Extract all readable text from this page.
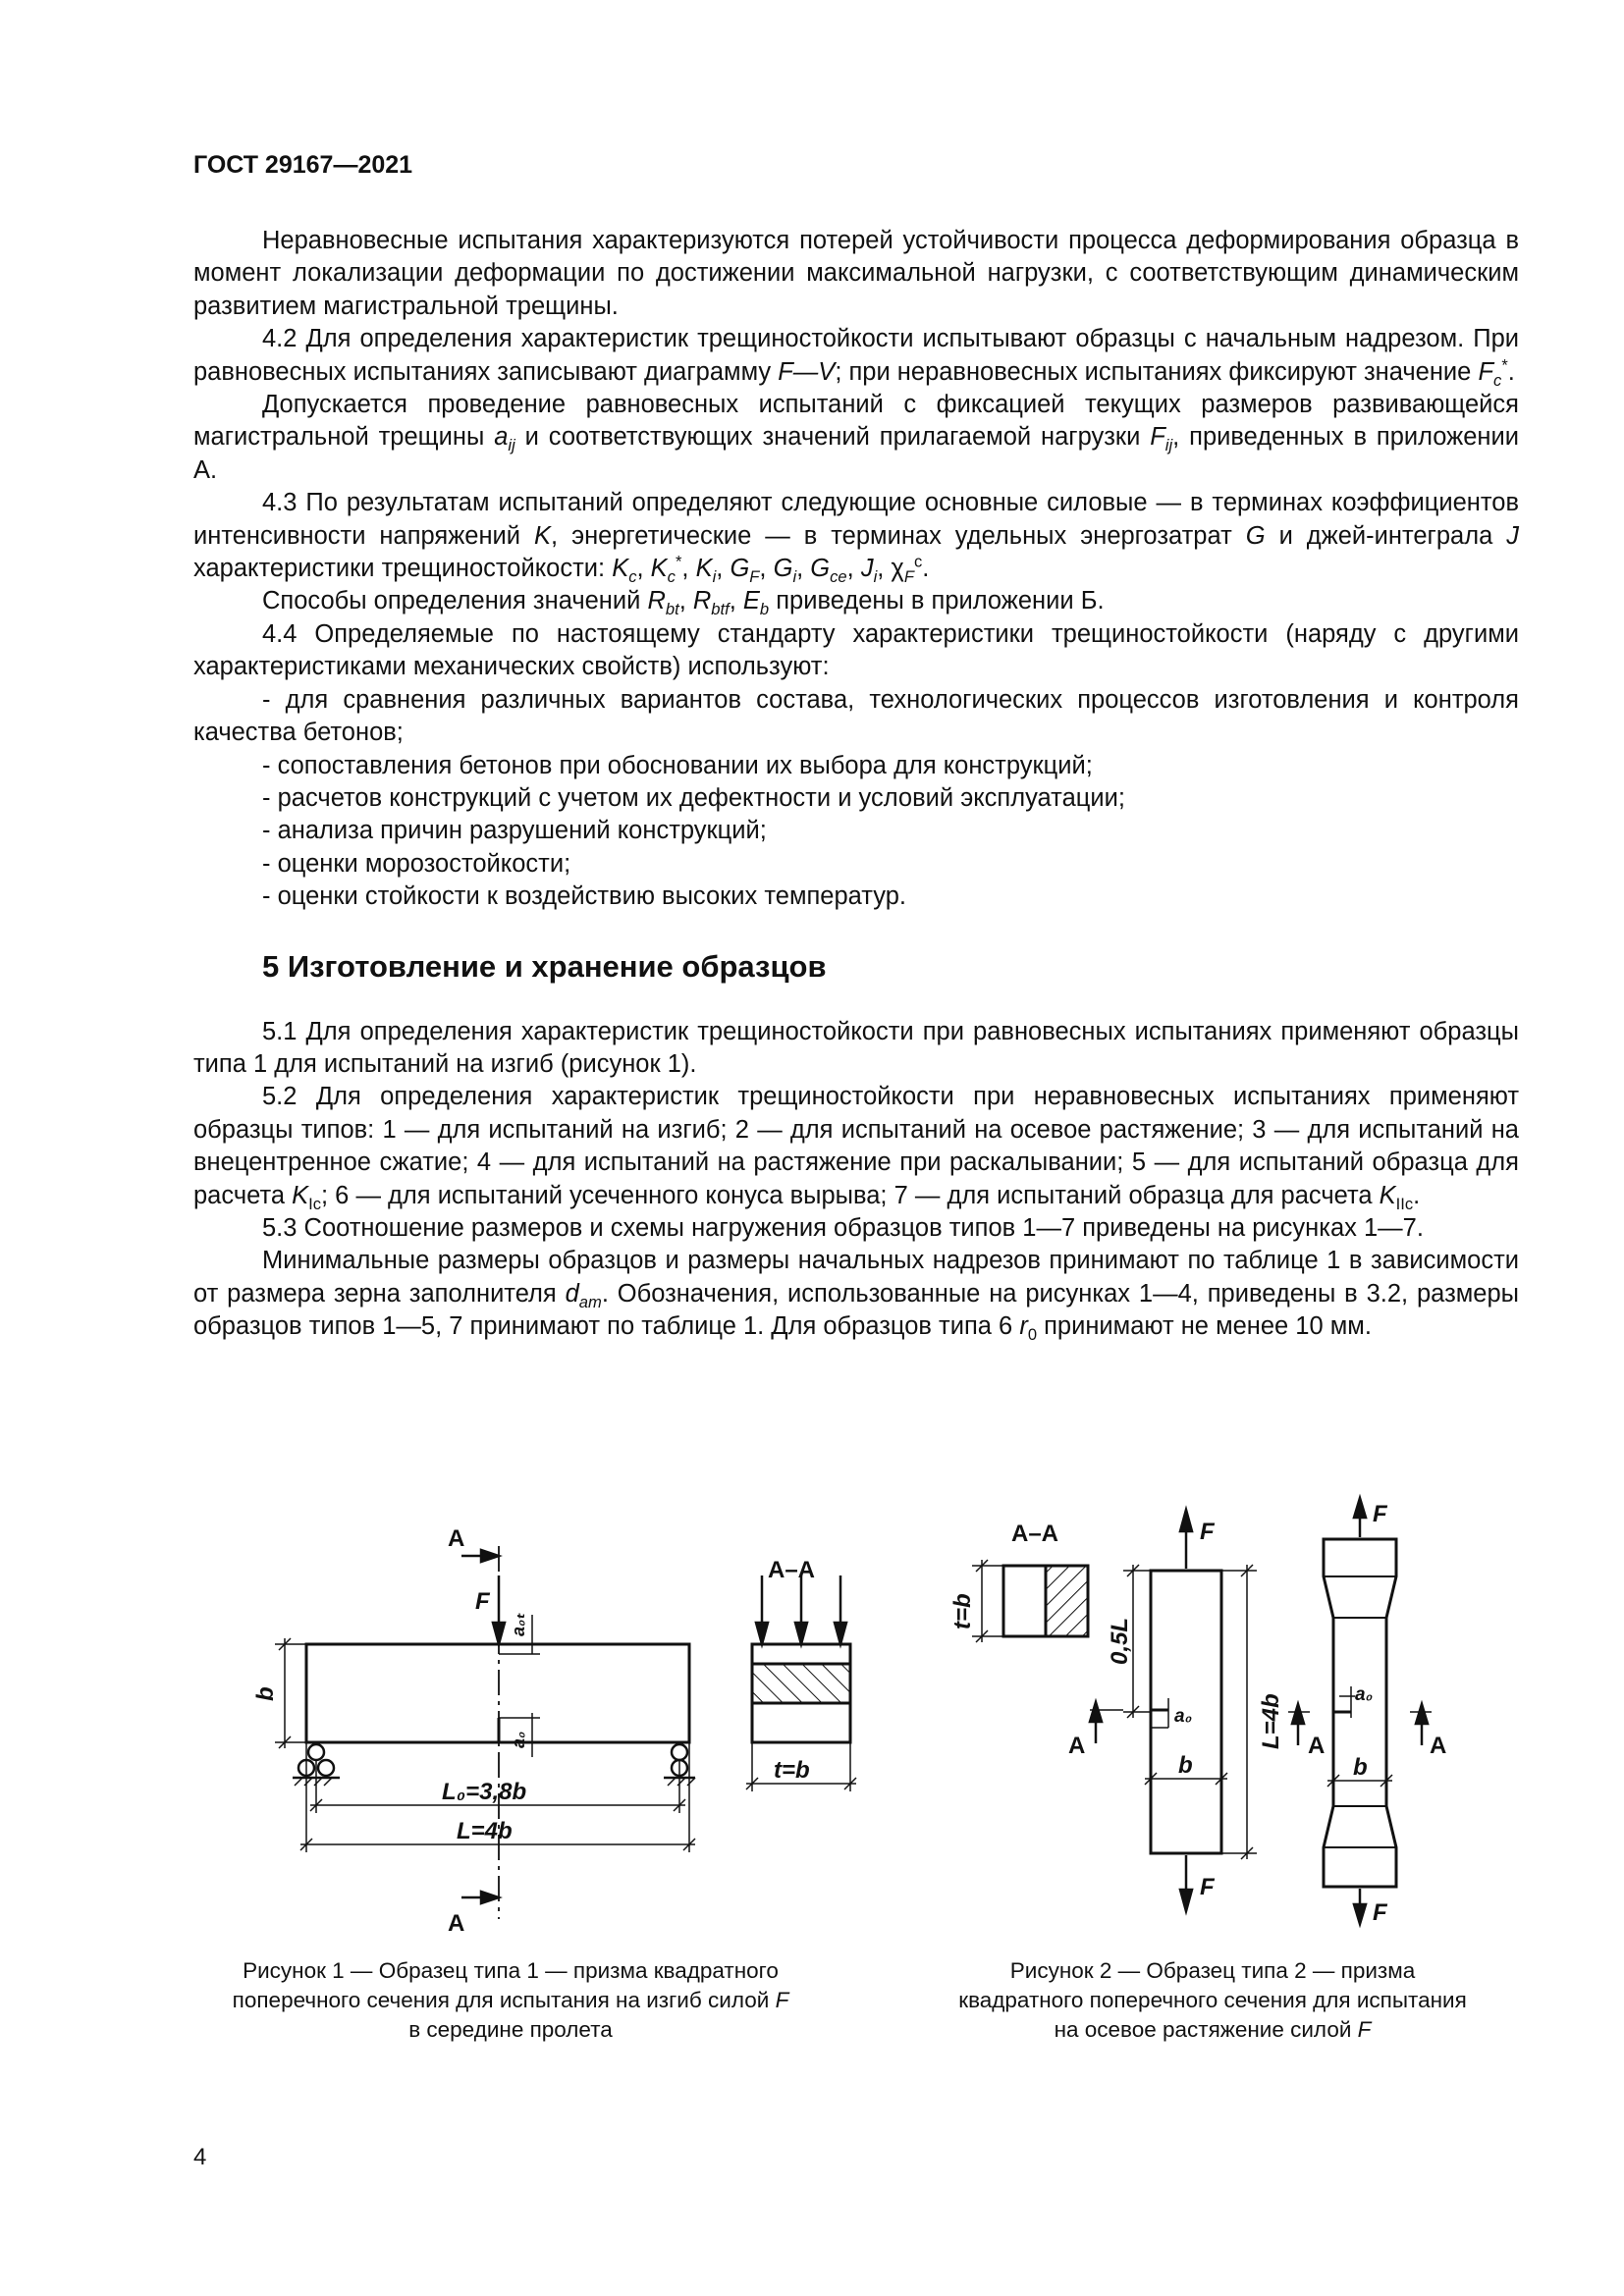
ГОСТ 29167—2021

Неравновесные испытания характеризуются потерей устойчивости процесса деформирования образца в момент локализации деформации по достижении максимальной нагрузки, с соответствующим динамическим развитием магистральной трещины.

4.2 Для определения характеристик трещиностойкости испытывают образцы с начальным надрезом. При равновесных испытаниях записывают диаграмму F—V; при неравновесных испытаниях фиксируют значение $F_c^*$.

Допускается проведение равновесных испытаний с фиксацией текущих размеров развивающейся магистральной трещины $a_{ij}$ и соответствующих значений прилагаемой нагрузки $F_{ij}$, приведенных в приложении А.

4.3 По результатам испытаний определяют следующие основные силовые — в терминах коэффициентов интенсивности напряжений K, энергетические — в терминах удельных энергозатрат G и джей-интеграла J характеристики трещиностойкости: $K_c$, $K_c^*$, $K_i$, $G_F$, $G_i$, $G_{ce}$, $J_i$, $\chi_F^c$.

Способы определения значений $R_{bt}$, $R_{btf}$, $E_b$ приведены в приложении Б.

4.4 Определяемые по настоящему стандарту характеристики трещиностойкости (наряду с другими характеристиками механических свойств) используют:

- для сравнения различных вариантов состава, технологических процессов изготовления и контроля качества бетонов;

- сопоставления бетонов при обосновании их выбора для конструкций;

- расчетов конструкций с учетом их дефектности и условий эксплуатации;

- анализа причин разрушений конструкций;

- оценки морозостойкости;

- оценки стойкости к воздействию высоких температур.

5 Изготовление и хранение образцов

5.1 Для определения характеристик трещиностойкости при равновесных испытаниях применяют образцы типа 1 для испытаний на изгиб (рисунок 1).

5.2 Для определения характеристик трещиностойкости при неравновесных испытаниях применяют образцы типов: 1 — для испытаний на изгиб; 2 — для испытаний на осевое растяжение; 3 — для испытаний на внецентренное сжатие; 4 — для испытаний на растяжение при раскалывании; 5 — для испытаний образца для расчета $K_{Ic}$; 6 — для испытаний усеченного конуса вырыва; 7 — для испытаний образца для расчета $K_{IIc}$.

5.3 Соотношение размеров и схемы нагружения образцов типов 1—7 приведены на рисунках 1—7.

Минимальные размеры образцов и размеры начальных надрезов принимают по таблице 1 в зависимости от размера зерна заполнителя $d_{am}$. Обозначения, использованные на рисунках 1—4, приведены в 3.2, размеры образцов типов 1—5, 7 принимают по таблице 1. Для образцов типа 6 $r_0$ принимают не менее 10 мм.

A
A
F
a₀ₜ
a₀
b
L₀=3,8b
L=4b
A–A
t=b
Рисунок 1 — Образец типа 1 — призма квадратного
поперечного сечения для испытания на изгиб силой F
в середине пролета
A–A
t=b
F
F
0,5L
L=4b
A
a₀
b
F
F
A	A
a₀
b
Рисунок 2 — Образец типа 2 — призма
квадратного поперечного сечения для испытания
на осевое растяжение силой F
4
